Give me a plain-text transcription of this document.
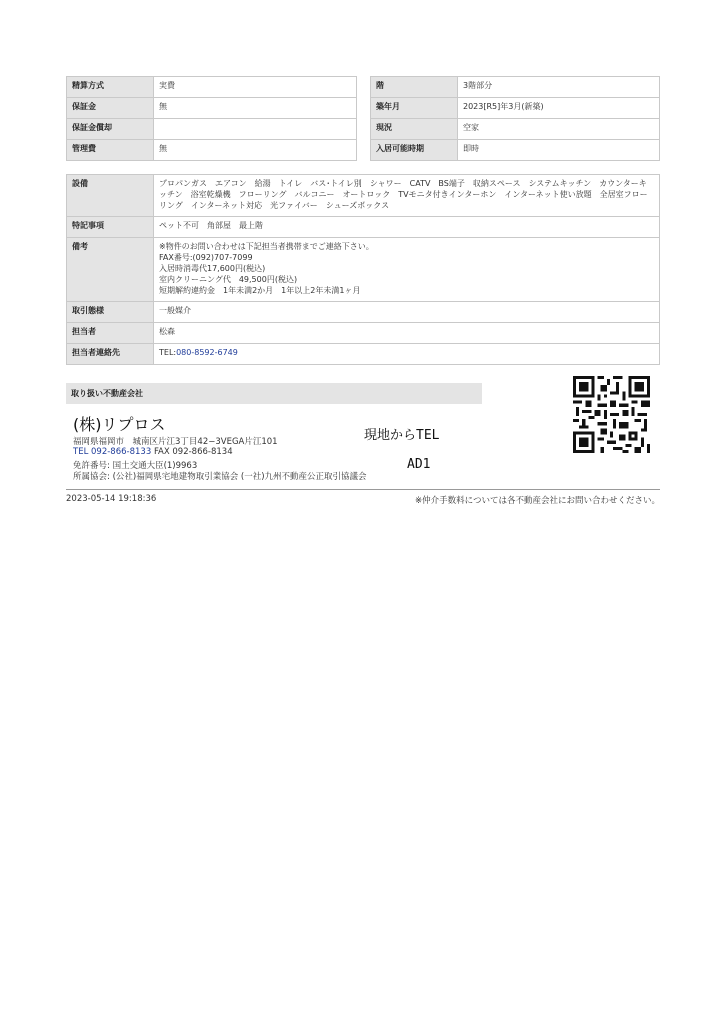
精算方式	実費
保証金	無
保証金償却	
管理費	無
階	3階部分
築年月	2023[R5]年3月(新築)
現況	空家
入居可能時期	即時
設備	プロパンガス　エアコン　給湯　トイレ　バス･トイレ別　シャワー　CATV　BS端子　収納スペース　システムキッチン　カウンターキッチン　浴室乾燥機　フローリング　バルコニー　オートロック　TVモニタ付きインターホン　インターネット使い放題　全居室フローリング　インターネット対応　光ファイバー　シューズボックス
特記事項	ペット不可　角部屋　最上階
備考	※物件のお問い合わせは下記担当者携帯までご連絡下さい。
FAX番号:(092)707-7099
入居時消毒代17,600円(税込)
室内クリーニング代　49,500円(税込)
短期解約違約金　1年未満2か月　1年以上2年未満1ヶ月

取引態様	一般媒介
担当者	松森
担当者連絡先	TEL:080-8592-6749
取り扱い不動産会社
(株)リプロス
福岡県福岡市　城南区片江3丁目42−3VEGA片江101
TEL 092-866-8133 FAX 092-866-8134
免許番号: 国土交通大臣(1)9963
所属協会: (公社)福岡県宅地建物取引業協会 (一社)九州不動産公正取引協議会
現地からTEL
AD1
2023-05-14 19:18:36	※仲介手数料については各不動産会社にお問い合わせください。
